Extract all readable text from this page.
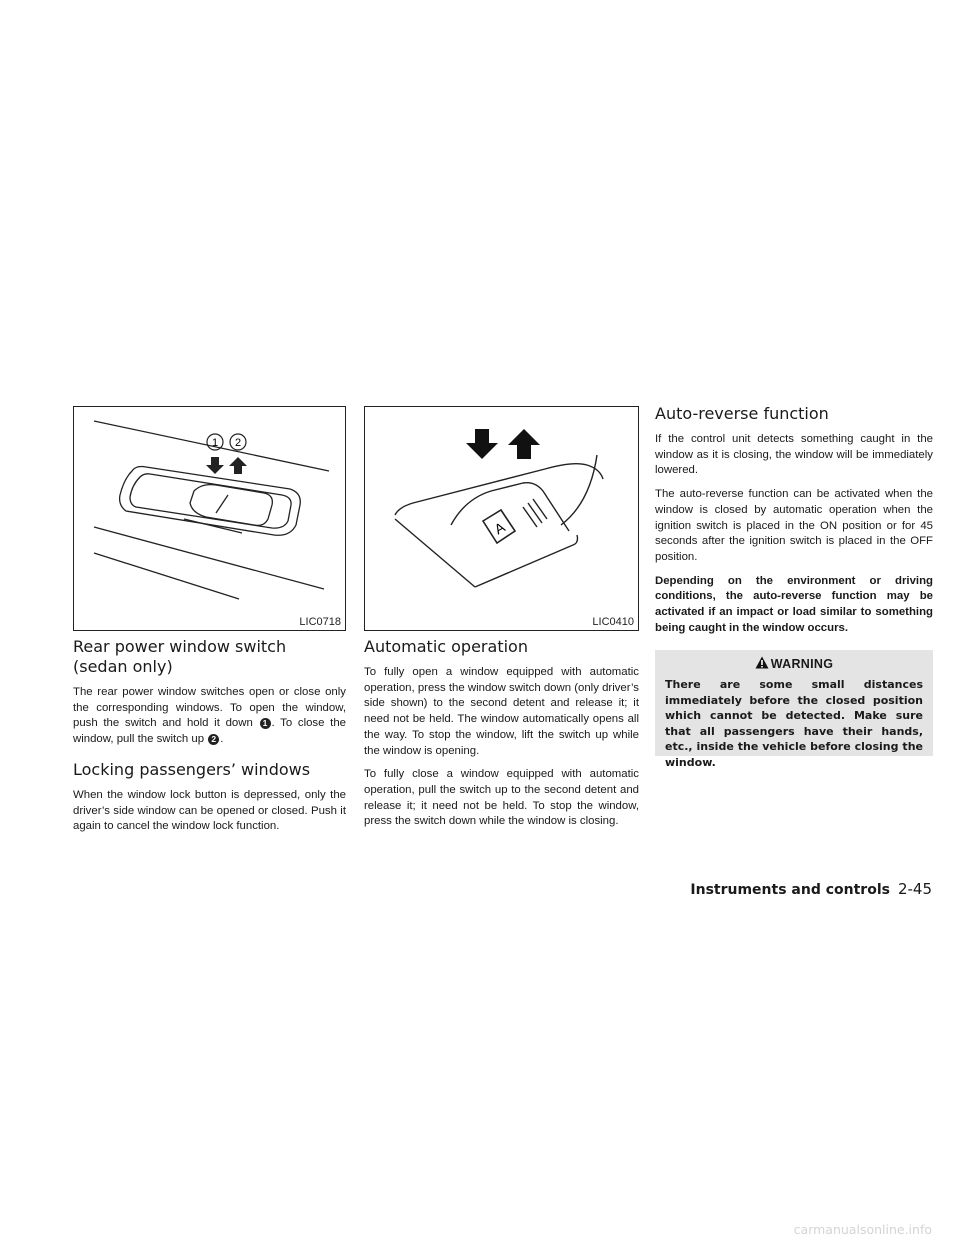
1 2
LIC0718
A
LIC0410
Rear power window switch (sedan only)

The rear power window switches open or close only the corresponding windows. To open the window, push the switch and hold it down 1 . To close the window, pull the switch up 2 .

Locking passengers’ windows

When the window lock button is depressed, only the driver’s side window can be opened or closed. Push it again to cancel the window lock function.

Automatic operation

To fully open a window equipped with automatic operation, press the window switch down (only driver’s side shown) to the second detent and release it; it need not be held. The window automatically opens all the way. To stop the window, lift the switch up while the window is opening.

To fully close a window equipped with automatic operation, pull the switch up to the second detent and release it; it need not be held. To stop the window, press the switch down while the window is closing.

Auto-reverse function

If the control unit detects something caught in the window as it is closing, the window will be immediately lowered.

The auto-reverse function can be activated when the window is closed by automatic operation when the ignition switch is placed in the ON position or for 45 seconds after the ignition switch is placed in the OFF position.

Depending on the environment or driving conditions, the auto-reverse function may be activated if an impact or load similar to something being caught in the window occurs.

WARNING
There are some small distances immediately before the closed position which cannot be detected. Make sure that all passengers have their hands, etc., inside the vehicle before closing the window.
Instruments and controls 2-45
carmanualsonline.info
